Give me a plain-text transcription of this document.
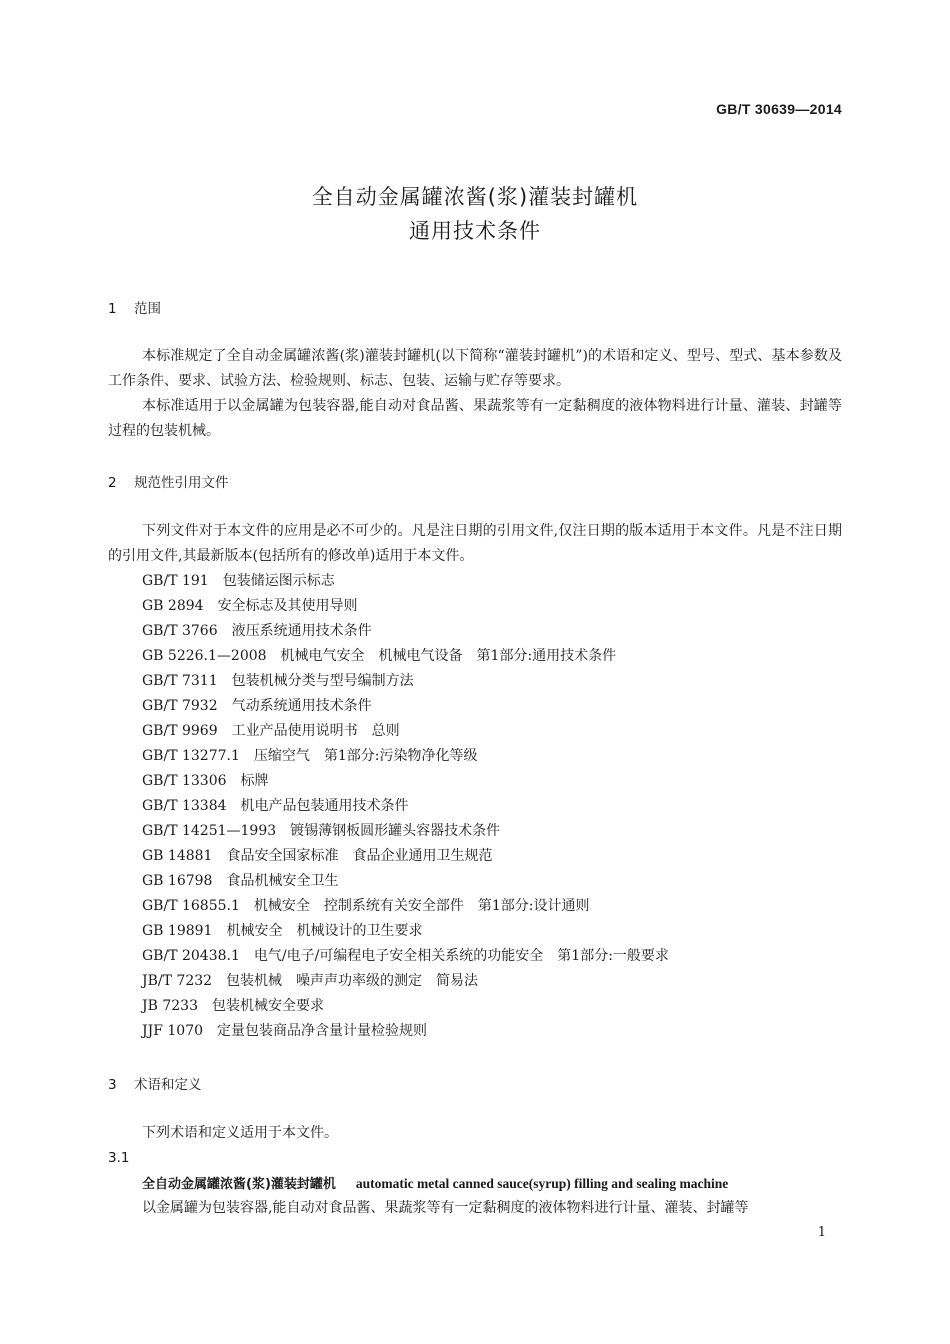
GB/T 30639—2014
全自动金属罐浓酱(浆)灌装封罐机
通用技术条件
1 范围
本标准规定了全自动金属罐浓酱(浆)灌装封罐机(以下简称“灌装封罐机”)的术语和定义、型号、型式、基本参数及工作条件、要求、试验方法、检验规则、标志、包装、运输与贮存等要求。
本标准适用于以金属罐为包装容器,能自动对食品酱、果蔬浆等有一定黏稠度的液体物料进行计量、灌装、封罐等过程的包装机械。
2 规范性引用文件
下列文件对于本文件的应用是必不可少的。凡是注日期的引用文件,仅注日期的版本适用于本文件。凡是不注日期的引用文件,其最新版本(包括所有的修改单)适用于本文件。
GB/T 191 包装储运图示标志
GB 2894 安全标志及其使用导则
GB/T 3766 液压系统通用技术条件
GB 5226.1—2008 机械电气安全　机械电气设备　第1部分:通用技术条件
GB/T 7311 包装机械分类与型号编制方法
GB/T 7932 气动系统通用技术条件
GB/T 9969 工业产品使用说明书　总则
GB/T 13277.1 压缩空气　第1部分:污染物净化等级
GB/T 13306 标牌
GB/T 13384 机电产品包装通用技术条件
GB/T 14251—1993 镀锡薄钢板圆形罐头容器技术条件
GB 14881 食品安全国家标准　食品企业通用卫生规范
GB 16798 食品机械安全卫生
GB/T 16855.1 机械安全　控制系统有关安全部件　第1部分:设计通则
GB 19891 机械安全　机械设计的卫生要求
GB/T 20438.1 电气/电子/可编程电子安全相关系统的功能安全　第1部分:一般要求
JB/T 7232 包装机械　噪声声功率级的测定　简易法
JB 7233 包装机械安全要求
JJF 1070 定量包装商品净含量计量检验规则
3 术语和定义
下列术语和定义适用于本文件。
3.1
全自动金属罐浓酱(浆)灌装封罐机 automatic metal canned sauce(syrup) filling and sealing machine
以金属罐为包装容器,能自动对食品酱、果蔬浆等有一定黏稠度的液体物料进行计量、灌装、封罐等
1
